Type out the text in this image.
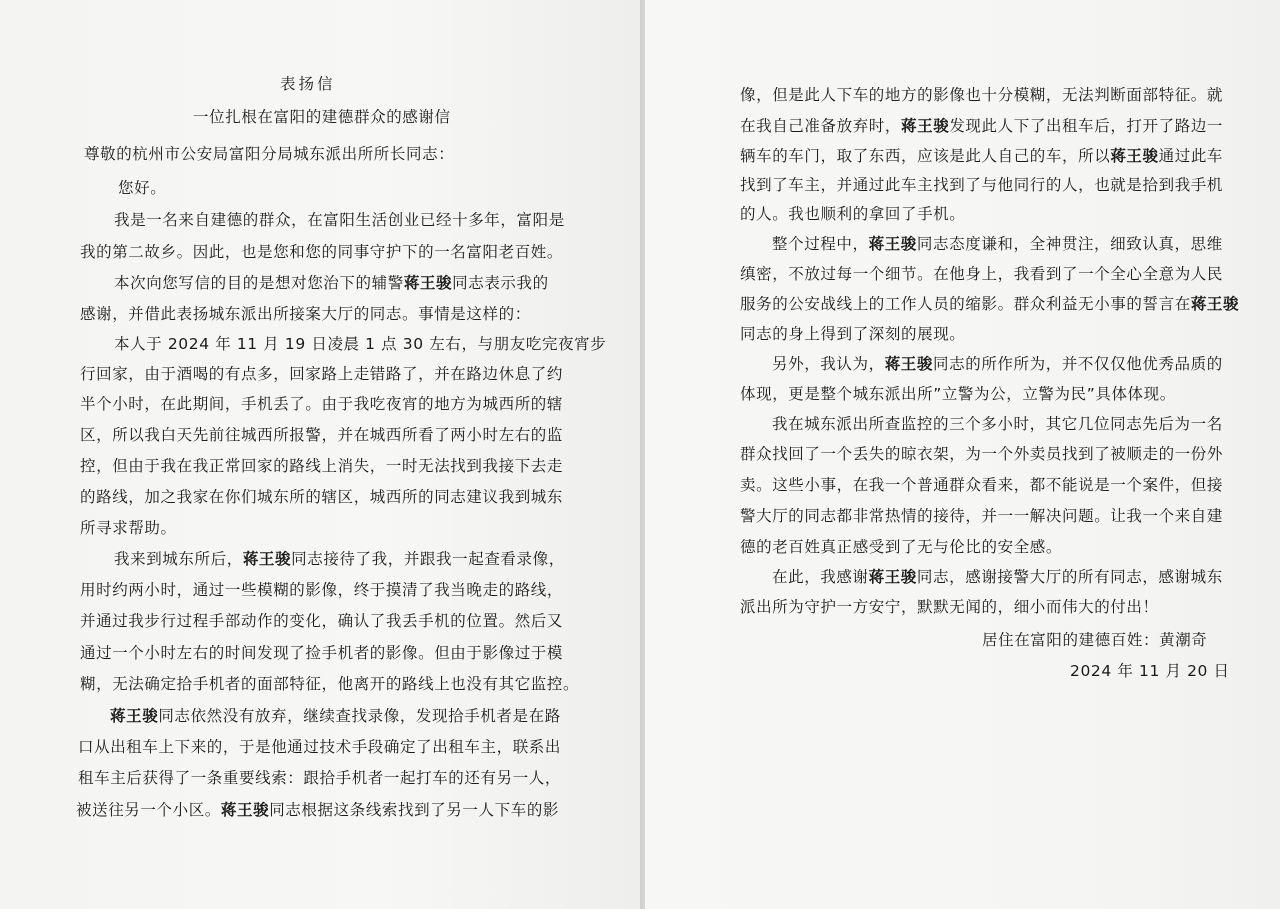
表扬信
一位扎根在富阳的建德群众的感谢信
尊敬的杭州市公安局富阳分局城东派出所所长同志：
您好。
我是一名来自建德的群众，在富阳生活创业已经十多年，富阳是
我的第二故乡。因此，也是您和您的同事守护下的一名富阳老百姓。
本次向您写信的目的是想对您治下的辅警蒋王骏同志表示我的
感谢，并借此表扬城东派出所接案大厅的同志。事情是这样的：
本人于 2024 年 11 月 19 日凌晨 1 点 30 左右，与朋友吃完夜宵步
行回家，由于酒喝的有点多，回家路上走错路了，并在路边休息了约
半个小时，在此期间，手机丢了。由于我吃夜宵的地方为城西所的辖
区，所以我白天先前往城西所报警，并在城西所看了两小时左右的监
控，但由于我在我正常回家的路线上消失，一时无法找到我接下去走
的路线，加之我家在你们城东所的辖区，城西所的同志建议我到城东
所寻求帮助。
我来到城东所后，蒋王骏同志接待了我，并跟我一起查看录像，
用时约两小时，通过一些模糊的影像，终于摸清了我当晚走的路线，
并通过我步行过程手部动作的变化，确认了我丢手机的位置。然后又
通过一个小时左右的时间发现了捡手机者的影像。但由于影像过于模
糊，无法确定拾手机者的面部特征，他离开的路线上也没有其它监控。
蒋王骏同志依然没有放弃，继续查找录像，发现拾手机者是在路
口从出租车上下来的，于是他通过技术手段确定了出租车主，联系出
租车主后获得了一条重要线索：跟拾手机者一起打车的还有另一人，
被送往另一个小区。蒋王骏同志根据这条线索找到了另一人下车的影
像，但是此人下车的地方的影像也十分模糊，无法判断面部特征。就
在我自己准备放弃时，蒋王骏发现此人下了出租车后，打开了路边一
辆车的车门，取了东西，应该是此人自己的车，所以蒋王骏通过此车
找到了车主，并通过此车主找到了与他同行的人，也就是拾到我手机
的人。我也顺利的拿回了手机。
整个过程中，蒋王骏同志态度谦和，全神贯注，细致认真，思维
缜密，不放过每一个细节。在他身上，我看到了一个全心全意为人民
服务的公安战线上的工作人员的缩影。群众利益无小事的誓言在蒋王骏
同志的身上得到了深刻的展现。
另外，我认为，蒋王骏同志的所作所为，并不仅仅他优秀品质的
体现，更是整个城东派出所”立警为公，立警为民”具体体现。
我在城东派出所查监控的三个多小时，其它几位同志先后为一名
群众找回了一个丢失的晾衣架，为一个外卖员找到了被顺走的一份外
卖。这些小事，在我一个普通群众看来，都不能说是一个案件，但接
警大厅的同志都非常热情的接待，并一一解决问题。让我一个来自建
德的老百姓真正感受到了无与伦比的安全感。
在此，我感谢蒋王骏同志，感谢接警大厅的所有同志，感谢城东
派出所为守护一方安宁，默默无闻的，细小而伟大的付出！
居住在富阳的建德百姓：黄潮奇
2024 年 11 月 20 日
